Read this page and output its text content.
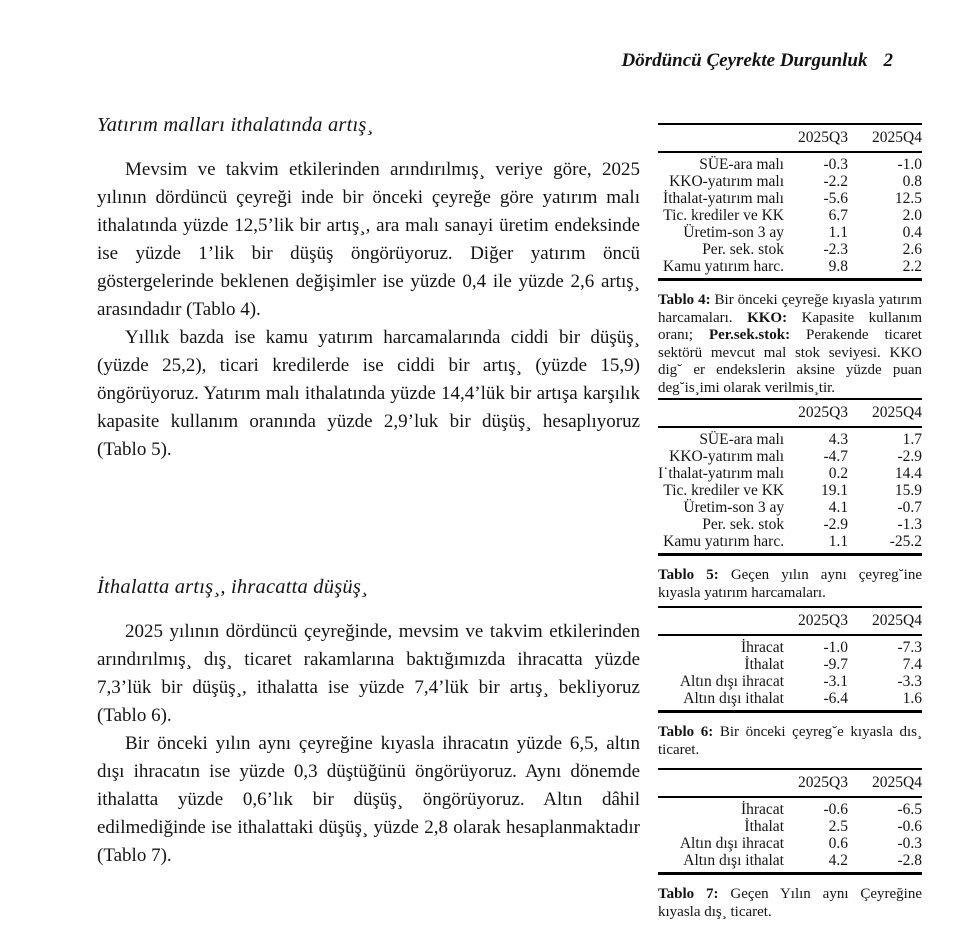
Dördüncü Çeyrekte Durgunluk 2
Yatırım malları ithalatında artış¸

Mevsim ve takvim etkilerinden arındırılmış¸ veriye göre, 2025 yılının dördüncü çeyreği inde bir önceki çeyreğe göre yatırım malı ithalatında yüzde 12,5’lik bir artış¸, ara malı sanayi üretim endeksinde ise yüzde 1’lik bir düşüş öngörüyoruz. Diğer yatırım öncü göstergelerinde beklenen değişimler ise yüzde 0,4 ile yüzde 2,6 artış¸ arasındadır (Tablo 4).

Yıllık bazda ise kamu yatırım harcamalarında ciddi bir düşüş¸ (yüzde 25,2), ticari kredilerde ise ciddi bir artış¸ (yüzde 15,9) öngörüyoruz. Yatırım malı ithalatında yüzde 14,4’lük bir artışa karşılık kapasite kullanım oranında yüzde 2,9’luk bir düşüş¸ hesaplıyoruz (Tablo 5).

İthalatta artış¸, ihracatta düşüş¸

2025 yılının dördüncü çeyreğinde, mevsim ve takvim etkilerinden arındırılmış¸ dış¸ ticaret rakamlarına baktığımızda ihracatta yüzde 7,3’lük bir düşüş¸, ithalatta ise yüzde 7,4’lük bir artış¸ bekliyoruz (Tablo 6).

Bir önceki yılın aynı çeyreğine kıyasla ihracatın yüzde 6,5, altın dışı ihracatın ise yüzde 0,3 düştüğünü öngörüyoruz. Aynı dönemde ithalatta yüzde 0,6’lık bir düşüş¸ öngörüyoruz. Altın dâhil edilmediğinde ise ithalattaki düşüş¸ yüzde 2,8 olarak hesaplanmaktadır (Tablo 7).

	2025Q3	2025Q4
SÜE-ara malı	-0.3	-1.0
KKO-yatırım malı	-2.2	0.8
İthalat-yatırım malı	-5.6	12.5
Tic. krediler ve KK	6.7	2.0
Üretim-son 3 ay	1.1	0.4
Per. sek. stok	-2.3	2.6
Kamu yatırım harc.	9.8	2.2

Tablo 4: Bir önceki çeyreğe kıyasla yatırım harcamaları. KKO: Kapasite kullanım oranı; Per.sek.stok: Perakende ticaret sektörü mevcut mal stok seviyesi. KKO dig˘ er endekslerin aksine yüzde puan deg˘is¸imi olarak verilmis¸tir.

	2025Q3	2025Q4
SÜE-ara malı	4.3	1.7
KKO-yatırım malı	-4.7	-2.9
I˙thalat-yatırım malı	0.2	14.4
Tic. krediler ve KK	19.1	15.9
Üretim-son 3 ay	4.1	-0.7
Per. sek. stok	-2.9	-1.3
Kamu yatırım harc.	1.1	-25.2

Tablo 5: Geçen yılın aynı çeyreg˘ine kıyasla yatırım harcamaları.

	2025Q3	2025Q4
İhracat	-1.0	-7.3
İthalat	-9.7	7.4
Altın dışı ihracat	-3.1	-3.3
Altın dışı ithalat	-6.4	1.6

Tablo 6: Bir önceki çeyreg˘e kıyasla dıs¸ ticaret.

	2025Q3	2025Q4
İhracat	-0.6	-6.5
İthalat	2.5	-0.6
Altın dışı ihracat	0.6	-0.3
Altın dışı ithalat	4.2	-2.8

Tablo 7: Geçen Yılın aynı Çeyreğine kıyasla dış¸ ticaret.
